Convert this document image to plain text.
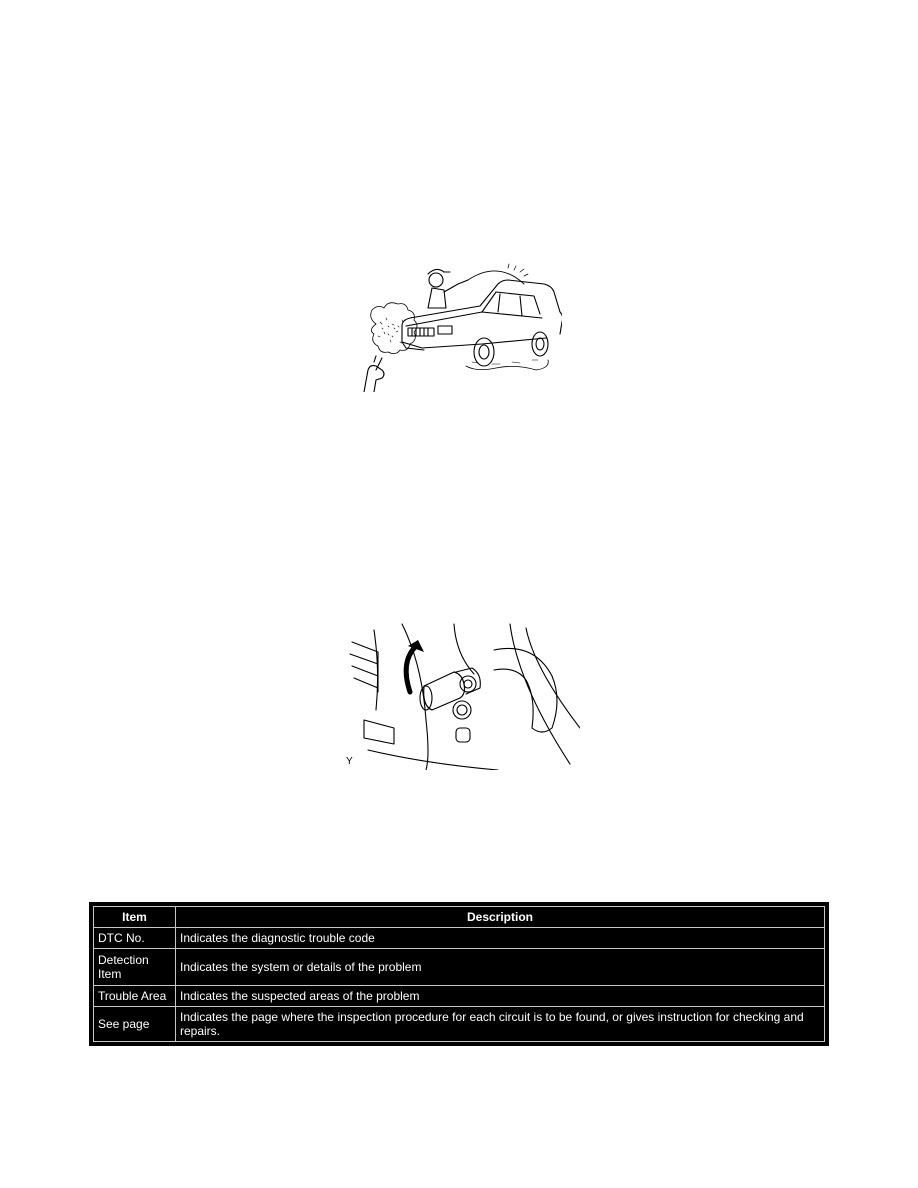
Y
Item	Description
DTC No.	Indicates the diagnostic trouble code
Detection Item	Indicates the system or details of the problem
Trouble Area	Indicates the suspected areas of the problem
See page	Indicates the page where the inspection procedure for each circuit is to be found, or gives instruction for checking and repairs.
